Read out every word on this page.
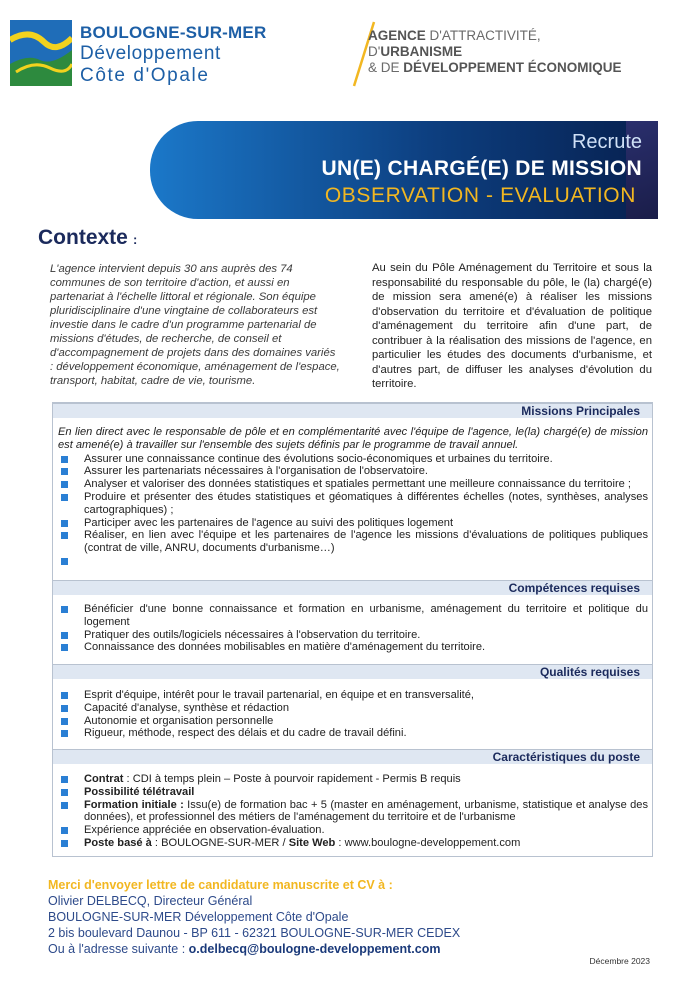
BOULOGNE-SUR-MER
Développement
Côte d'Opale
AGENCE D'ATTRACTIVITÉ,
D'URBANISME
& DE DÉVELOPPEMENT ÉCONOMIQUE
Recrute
UN(E) CHARGÉ(E) DE MISSION
OBSERVATION - EVALUATION
Contexte :
L'agence intervient depuis 30 ans auprès des 74 communes de son territoire d'action, et aussi en partenariat à l'échelle littoral et régionale. Son équipe pluridisciplinaire d'une vingtaine de collaborateurs est investie dans le cadre d'un programme partenarial de missions d'études, de recherche, de conseil et d'accompagnement de projets dans des domaines variés : développement économique, aménagement de l'espace, transport, habitat, cadre de vie, tourisme.
Au sein du Pôle Aménagement du Territoire et sous la responsabilité du responsable du pôle, le (la) chargé(e) de mission sera amené(e) à réaliser les missions d'observation du territoire et d'évaluation de politique d'aménagement du territoire afin d'une part, de contribuer à la réalisation des missions de l'agence, en particulier les études des documents d'urbanisme, et d'autres part, de diffuser les analyses d'évolution du territoire.
Missions Principales
En lien direct avec le responsable de pôle et en complémentarité avec l'équipe de l'agence, le(la) chargé(e) de mission est amené(e) à travailler sur l'ensemble des sujets définis par le programme de travail annuel.
Assurer une connaissance continue des évolutions socio-économiques et urbaines du territoire.
Assurer les partenariats nécessaires à l'organisation de l'observatoire.
Analyser et valoriser des données statistiques et spatiales permettant une meilleure connaissance du territoire ;
Produire et présenter des études statistiques et géomatiques à différentes échelles (notes, synthèses, analyses cartographiques) ;
Participer avec les partenaires de l'agence au suivi des politiques logement
Réaliser, en lien avec l'équipe et les partenaires de l'agence les missions d'évaluations de politiques publiques (contrat de ville, ANRU, documents d'urbanisme…)
Compétences requises
Bénéficier d'une bonne connaissance et formation en urbanisme, aménagement du territoire et politique du logement
Pratiquer des outils/logiciels nécessaires à l'observation du territoire.
Connaissance des données mobilisables en matière d'aménagement du territoire.
Qualités requises
Esprit d'équipe, intérêt pour le travail partenarial, en équipe et en transversalité,
Capacité d'analyse, synthèse et rédaction
Autonomie et organisation personnelle
Rigueur, méthode, respect des délais et du cadre de travail défini.
Caractéristiques du poste
Contrat : CDI à temps plein – Poste à pourvoir rapidement - Permis B requis
Possibilité télétravail
Formation initiale : Issu(e) de formation bac + 5 (master en aménagement, urbanisme, statistique et analyse des données), et professionnel des métiers de l'aménagement du territoire et de l'urbanisme
Expérience appréciée en observation-évaluation.
Poste basé à : BOULOGNE-SUR-MER / Site Web : www.boulogne-developpement.com
Merci d'envoyer lettre de candidature manuscrite et CV à :
Olivier DELBECQ, Directeur Général
BOULOGNE-SUR-MER Développement Côte d'Opale
2 bis boulevard Daunou - BP 611 - 62321 BOULOGNE-SUR-MER CEDEX
Ou à l'adresse suivante : o.delbecq@boulogne-developpement.com
Décembre 2023
